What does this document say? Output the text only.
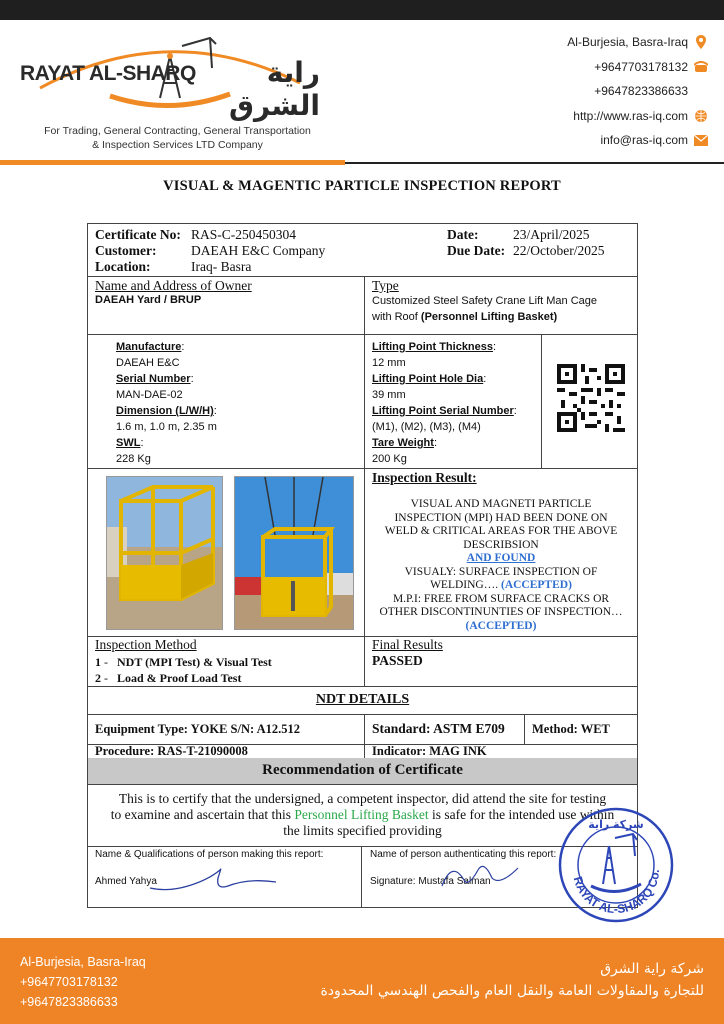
RAYAT AL-SHARQ	راية الشرق
For Trading, General Contracting, General Transportation
& Inspection Services LTD Company
Al-Burjesia, Basra-Iraq
+9647703178132
+9647823386633
http://www.ras-iq.com
info@ras-iq.com
VISUAL & MAGENTIC PARTICLE INSPECTION REPORT
Certificate No: RAS-C-250450304
Customer:	DAEAH E&C Company
Location:	Iraq- Basra
Date:	23/April/2025
Due Date: 22/October/2025
Name and Address of Owner
DAEAH Yard / BRUP
Type
Customized Steel Safety Crane Lift Man Cage
with Roof (Personnel Lifting Basket)
Manufacture:
DAEAH E&C
Serial Number:
MAN-DAE-02
Dimension (L/W/H):
1.6 m, 1.0 m, 2.35 m
SWL:
228 Kg
Lifting Point Thickness:
12 mm
Lifting Point Hole Dia:
39 mm
Lifting Point Serial Number:
(M1), (M2), (M3), (M4)
Tare Weight:
200 Kg
Inspection Result:
VISUAL AND MAGNETI PARTICLE
INSPECTION (MPI) HAD BEEN DONE ON
WELD & CRITICAL AREAS FOR THE ABOVE
DESCRIBSION
AND FOUND
VISUALY: SURFACE INSPECTION OF
WELDING…. (ACCEPTED)
M.P.I: FREE FROM SURFACE CRACKS OR
OTHER DISCONTINUNTIES OF INSPECTION…
(ACCEPTED)
Inspection Method
1 -   NDT (MPI Test) & Visual Test
2 -   Load & Proof Load Test
Final Results
PASSED
NDT DETAILS
Equipment Type: YOKE S/N: A12.512	Standard: ASTM E709 Method: WET
Procedure: RAS-T-21090008	Indicator: MAG INK
Recommendation of Certificate
This is to certify that the undersigned, a competent inspector, did attend the site for testing
to examine and ascertain that this Personnel Lifting Basket is safe for the intended use within
the limits specified providing
Name & Qualifications of person making this report:
Ahmed Yahya
Name of person authenticating this report:
Signature: Mustafa Salman	RAYAT AL-SHARQ Co.
شركة راية
Al-Burjesia, Basra-Iraq
+9647703178132
+9647823386633
شركة راية الشرق
للتجارة والمقاولات العامة والنقل العام والفحص الهندسي المحدودة
